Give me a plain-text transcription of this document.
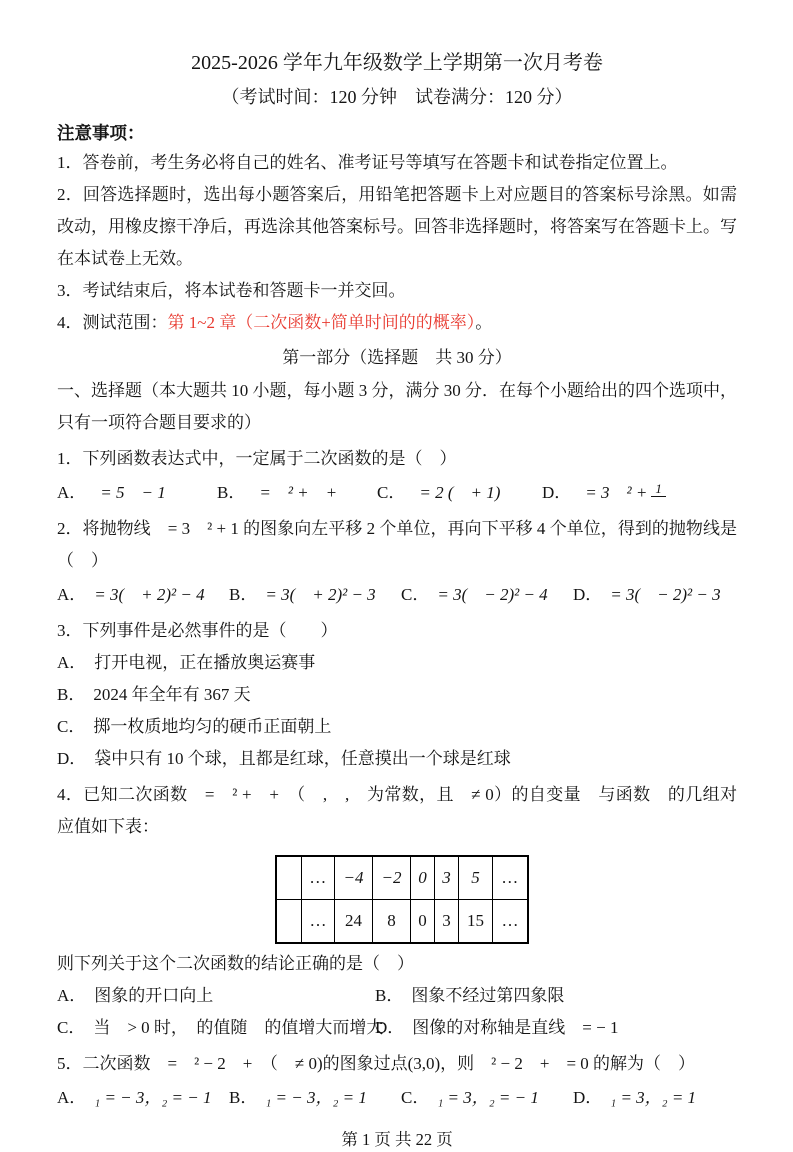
2025-2026 学年九年级数学上学期第一次月考卷
（考试时间：120 分钟　试卷满分：120 分）
注意事项：

1．答卷前，考生务必将自己的姓名、准考证号等填写在答题卡和试卷指定位置上。

2．回答选择题时，选出每小题答案后，用铅笔把答题卡上对应题目的答案标号涂黑。如需改动，用橡皮擦干净后，再选涂其他答案标号。回答非选择题时，将答案写在答题卡上。写在本试卷上无效。

3．考试结束后，将本试卷和答题卡一并交回。

4．测试范围：第 1~2 章（二次函数+简单时间的的概率）。

第一部分（选择题　共 30 分）

一、选择题（本大题共 10 小题，每小题 3 分，满分 30 分．在每个小题给出的四个选项中，只有一项符合题目要求的）

1．下列函数表达式中，一定属于二次函数的是（　）

A． = 5　− 1	B． =　² +　+	C． = 2 (　+ 1)	D． = 3　² + 1

2．将抛物线　= 3　² + 1 的图象向左平移 2 个单位，再向下平移 4 个单位，得到的抛物线是（　）

A． = 3(　+ 2)² − 4	B． = 3(　+ 2)² − 3	C． = 3(　− 2)² − 4	D． = 3(　− 2)² − 3

3．下列事件是必然事件的是（　　）

A． 打开电视，正在播放奥运赛事

B． 2024 年全年有 367 天

C． 掷一枚质地均匀的硬币正面朝上

D． 袋中只有 10 个球，且都是红球，任意摸出一个球是红球

4．已知二次函数　=　² +　+　（　,　,　为常数，且　≠ 0）的自变量　与函数　的几组对应值如下表：

	…	−4	−2	0	3	5	…
	…	24	8	0	3	15	…

则下列关于这个二次函数的结论正确的是（　）

A． 图象的开口向上	B． 图象不经过第四象限
C． 当　> 0 时，　的值随　的值增大而增大
D． 图像的对称轴是直线　= − 1

5．二次函数　=　² − 2　+　（　≠ 0)的图象过点(3,0)，则　² − 2　+　= 0 的解为（　）

A． ₁ = − 3，₂ = − 1	B． ₁ = − 3，₂ = 1	C． ₁ = 3，₂ = − 1	D． ₁ = 3，₂ = 1
第 1 页 共 22 页
